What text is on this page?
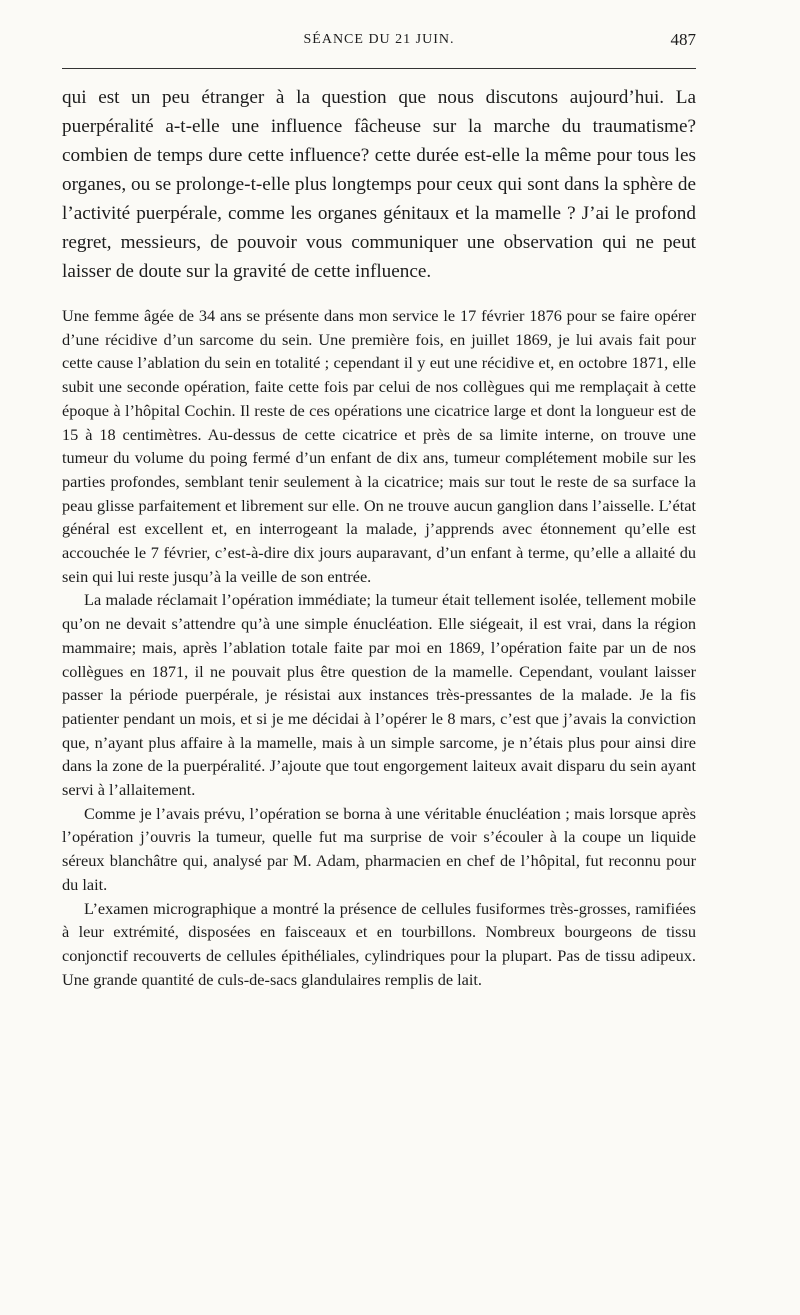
SÉANCE DU 21 JUIN.	487

qui est un peu étranger à la question que nous discutons aujourd’hui. La puerpéralité a-t-elle une influence fâcheuse sur la marche du traumatisme? combien de temps dure cette influence? cette durée est-elle la même pour tous les organes, ou se prolonge-t-elle plus longtemps pour ceux qui sont dans la sphère de l’activité puerpérale, comme les organes génitaux et la mamelle ? J’ai le profond regret, messieurs, de pouvoir vous communiquer une observation qui ne peut laisser de doute sur la gravité de cette influence.

Une femme âgée de 34 ans se présente dans mon service le 17 février 1876 pour se faire opérer d’une récidive d’un sarcome du sein. Une première fois, en juillet 1869, je lui avais fait pour cette cause l’ablation du sein en totalité ; cependant il y eut une récidive et, en octobre 1871, elle subit une seconde opération, faite cette fois par celui de nos collègues qui me remplaçait à cette époque à l’hôpital Cochin. Il reste de ces opérations une cicatrice large et dont la longueur est de 15 à 18 centimètres. Au-dessus de cette cicatrice et près de sa limite interne, on trouve une tumeur du volume du poing fermé d’un enfant de dix ans, tumeur complétement mobile sur les parties profondes, semblant tenir seulement à la cicatrice; mais sur tout le reste de sa surface la peau glisse parfaitement et librement sur elle. On ne trouve aucun ganglion dans l’aisselle. L’état général est excellent et, en interrogeant la malade, j’apprends avec étonnement qu’elle est accouchée le 7 février, c’est-à-dire dix jours auparavant, d’un enfant à terme, qu’elle a allaité du sein qui lui reste jusqu’à la veille de son entrée.

La malade réclamait l’opération immédiate; la tumeur était tellement isolée, tellement mobile qu’on ne devait s’attendre qu’à une simple énucléation. Elle siégeait, il est vrai, dans la région mammaire; mais, après l’ablation totale faite par moi en 1869, l’opération faite par un de nos collègues en 1871, il ne pouvait plus être question de la mamelle. Cependant, voulant laisser passer la période puerpérale, je résistai aux instances très-pressantes de la malade. Je la fis patienter pendant un mois, et si je me décidai à l’opérer le 8 mars, c’est que j’avais la conviction que, n’ayant plus affaire à la mamelle, mais à un simple sarcome, je n’étais plus pour ainsi dire dans la zone de la puerpéralité. J’ajoute que tout engorgement laiteux avait disparu du sein ayant servi à l’allaitement.

Comme je l’avais prévu, l’opération se borna à une véritable énucléation ; mais lorsque après l’opération j’ouvris la tumeur, quelle fut ma surprise de voir s’écouler à la coupe un liquide séreux blanchâtre qui, analysé par M. Adam, pharmacien en chef de l’hôpital, fut reconnu pour du lait.

L’examen micrographique a montré la présence de cellules fusiformes très-grosses, ramifiées à leur extrémité, disposées en faisceaux et en tourbillons. Nombreux bourgeons de tissu conjonctif recouverts de cellules épithéliales, cylindriques pour la plupart. Pas de tissu adipeux. Une grande quantité de culs-de-sacs glandulaires remplis de lait.
